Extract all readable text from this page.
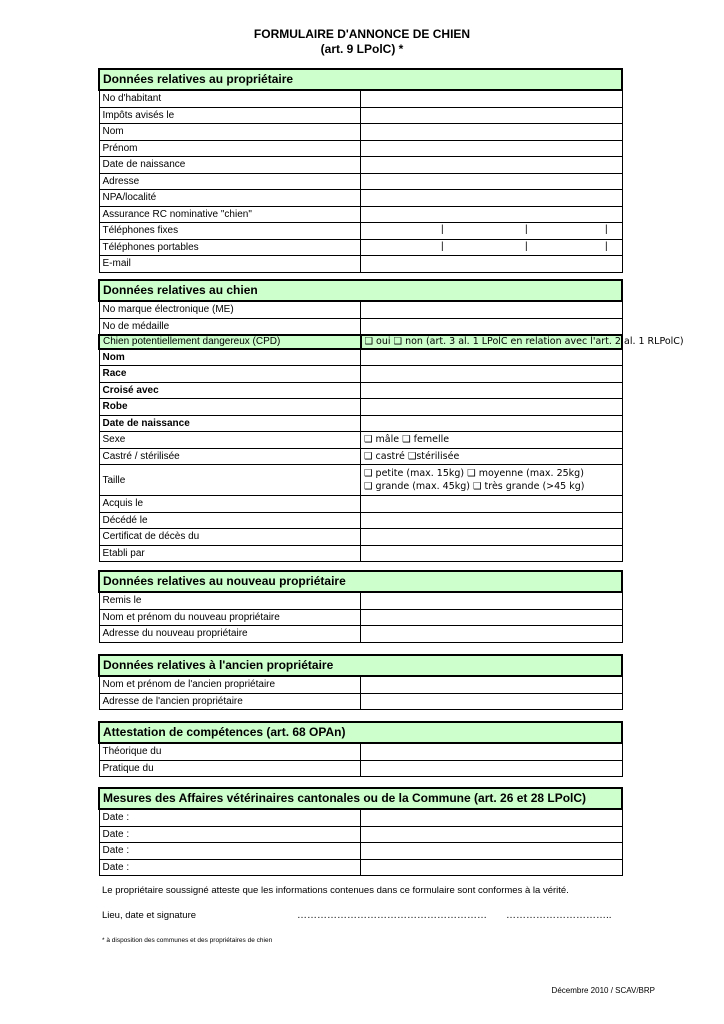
FORMULAIRE D'ANNONCE DE CHIEN
(art. 9 LPolC) *
Données relatives au propriétaire	
No d'habitant	
Impôts avisés le	
Nom	
Prénom	
Date de naissance	
Adresse	
NPA/localité	
Assurance RC nominative "chien"	
Téléphones fixes	| | |

Téléphones portables	| | |

E-mail	
Données relatives au chien	
No marque électronique (ME)	
No de médaille	
Chien potentiellement dangereux (CPD)	❑ oui ❑ non (art. 3 al. 1 LPolC en relation avec l'art. 2 al. 1 RLPolC)
Nom	
Race	
Croisé avec	
Robe	
Date de naissance	
Sexe	❑ mâle ❑ femelle
Castré / stérilisée	❑ castré ❑stérilisée
Taille	❑ petite (max. 15kg) ❑ moyenne (max. 25kg)
❑ grande (max. 45kg) ❑ très grande (>45 kg)

Acquis le	
Décédé le	
Certificat de décès du	
Etabli par	
Données relatives au nouveau propriétaire	
Remis le	
Nom et prénom du nouveau propriétaire	
Adresse du nouveau propriétaire	
Données relatives à l'ancien propriétaire	
Nom et prénom de l'ancien propriétaire	
Adresse de l'ancien propriétaire	
Attestation de compétences (art. 68 OPAn)	
Théorique du	
Pratique du	
Mesures des Affaires vétérinaires cantonales ou de la Commune (art. 26 et 28 LPolC)	
Date :	
Date :	
Date :	
Date :	
Le propriétaire soussigné atteste que les informations contenues dans ce formulaire sont conformes à la vérité.
Lieu, date et signature	………………………………………………… …………………………..
* à disposition des communes et des propriétaires de chien
Décembre 2010 / SCAV/BRP
